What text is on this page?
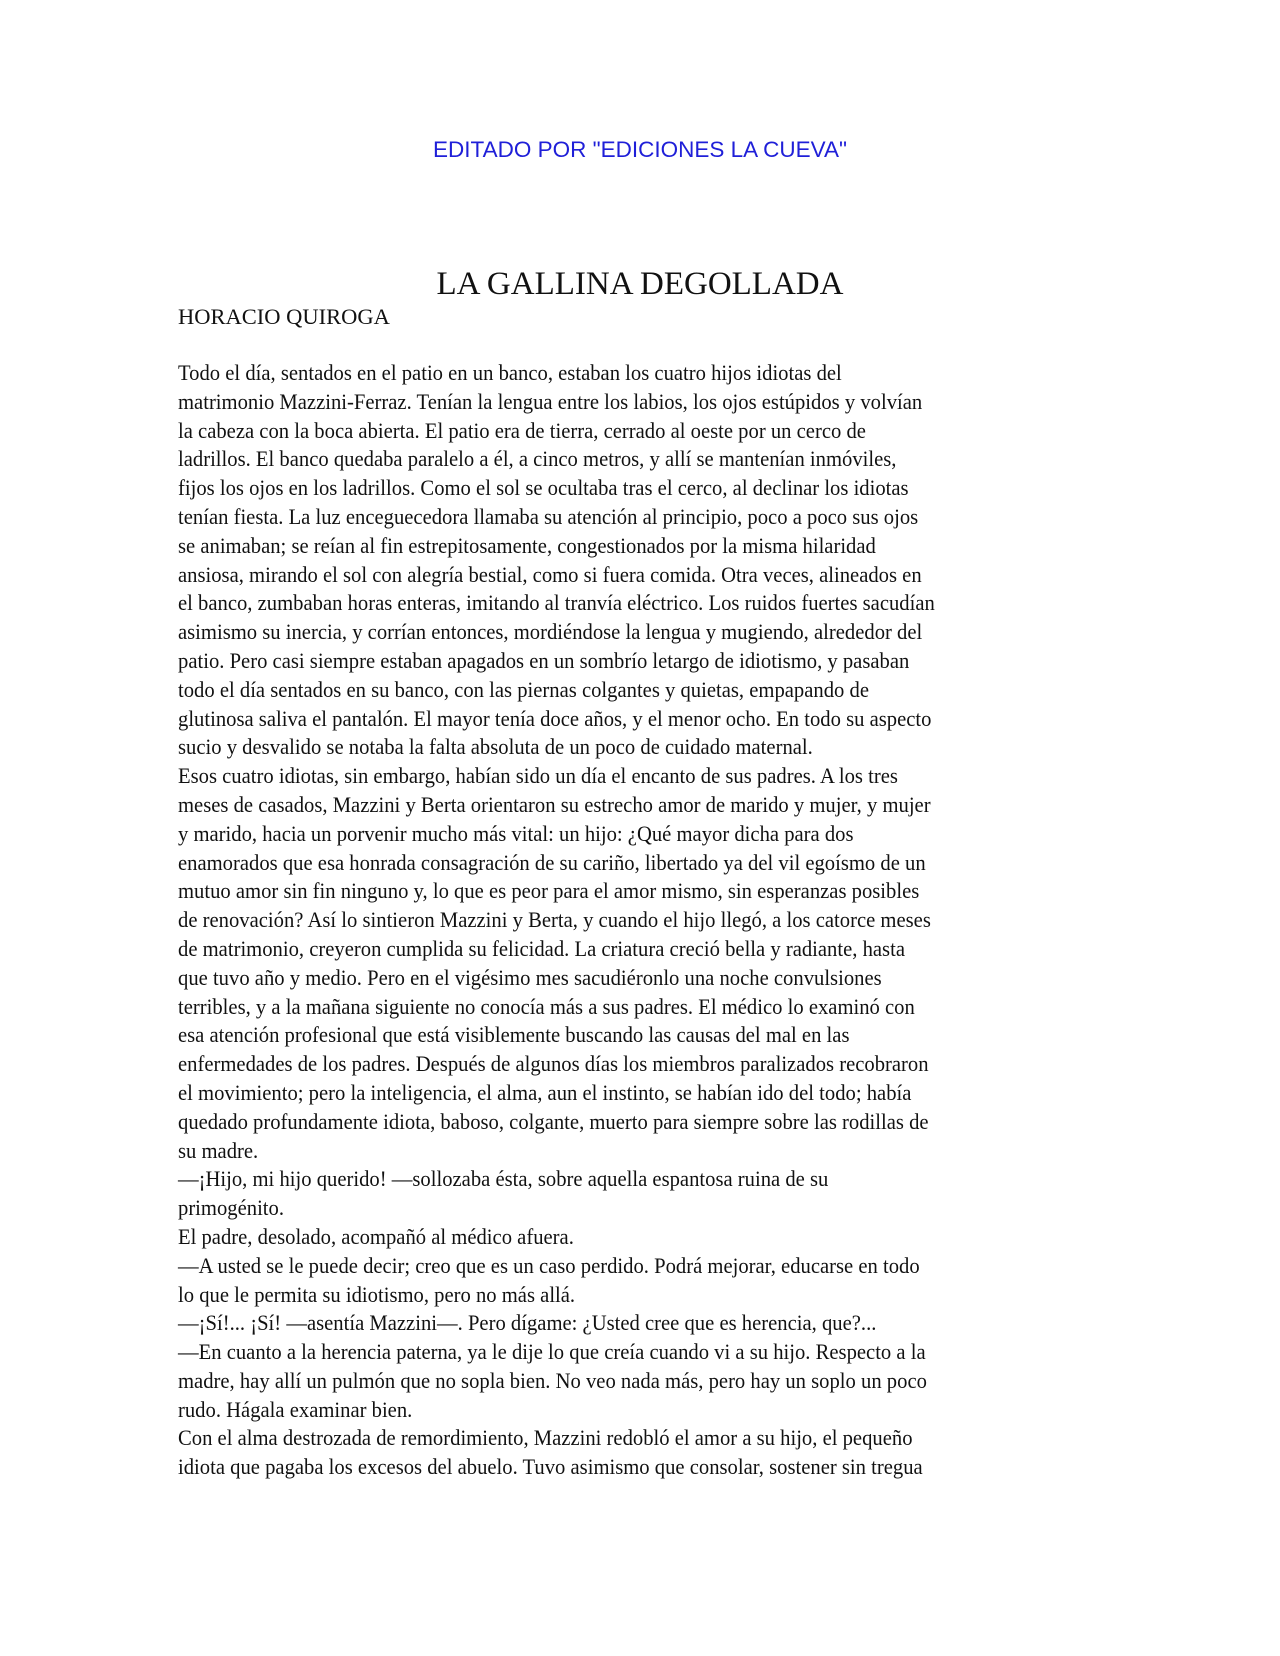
EDITADO POR "EDICIONES LA CUEVA"
LA GALLINA DEGOLLADA
HORACIO QUIROGA
Todo el día, sentados en el patio en un banco, estaban los cuatro hijos idiotas del
matrimonio Mazzini-Ferraz. Tenían la lengua entre los labios, los ojos estúpidos y volvían
la cabeza con la boca abierta. El patio era de tierra, cerrado al oeste por un cerco de
ladrillos. El banco quedaba paralelo a él, a cinco metros, y allí se mantenían inmóviles,
fijos los ojos en los ladrillos. Como el sol se ocultaba tras el cerco, al declinar los idiotas
tenían fiesta. La luz enceguecedora llamaba su atención al principio, poco a poco sus ojos
se animaban; se reían al fin estrepitosamente, congestionados por la misma hilaridad
ansiosa, mirando el sol con alegría bestial, como si fuera comida. Otra veces, alineados en
el banco, zumbaban horas enteras, imitando al tranvía eléctrico. Los ruidos fuertes sacudían
asimismo su inercia, y corrían entonces, mordiéndose la lengua y mugiendo, alrededor del
patio. Pero casi siempre estaban apagados en un sombrío letargo de idiotismo, y pasaban
todo el día sentados en su banco, con las piernas colgantes y quietas, empapando de
glutinosa saliva el pantalón. El mayor tenía doce años, y el menor ocho. En todo su aspecto
sucio y desvalido se notaba la falta absoluta de un poco de cuidado maternal.
Esos cuatro idiotas, sin embargo, habían sido un día el encanto de sus padres. A los tres
meses de casados, Mazzini y Berta orientaron su estrecho amor de marido y mujer, y mujer
y marido, hacia un porvenir mucho más vital: un hijo: ¿Qué mayor dicha para dos
enamorados que esa honrada consagración de su cariño, libertado ya del vil egoísmo de un
mutuo amor sin fin ninguno y, lo que es peor para el amor mismo, sin esperanzas posibles
de renovación? Así lo sintieron Mazzini y Berta, y cuando el hijo llegó, a los catorce meses
de matrimonio, creyeron cumplida su felicidad. La criatura creció bella y radiante, hasta
que tuvo año y medio. Pero en el vigésimo mes sacudiéronlo una noche convulsiones
terribles, y a la mañana siguiente no conocía más a sus padres. El médico lo examinó con
esa atención profesional que está visiblemente buscando las causas del mal en las
enfermedades de los padres. Después de algunos días los miembros paralizados recobraron
el movimiento; pero la inteligencia, el alma, aun el instinto, se habían ido del todo; había
quedado profundamente idiota, baboso, colgante, muerto para siempre sobre las rodillas de
su madre.
—¡Hijo, mi hijo querido! —sollozaba ésta, sobre aquella espantosa ruina de su
primogénito.
El padre, desolado, acompañó al médico afuera.
—A usted se le puede decir; creo que es un caso perdido. Podrá mejorar, educarse en todo
lo que le permita su idiotismo, pero no más allá.
—¡Sí!... ¡Sí! —asentía Mazzini—. Pero dígame: ¿Usted cree que es herencia, que?...
—En cuanto a la herencia paterna, ya le dije lo que creía cuando vi a su hijo. Respecto a la
madre, hay allí un pulmón que no sopla bien. No veo nada más, pero hay un soplo un poco
rudo. Hágala examinar bien.
Con el alma destrozada de remordimiento, Mazzini redobló el amor a su hijo, el pequeño
idiota que pagaba los excesos del abuelo. Tuvo asimismo que consolar, sostener sin tregua
